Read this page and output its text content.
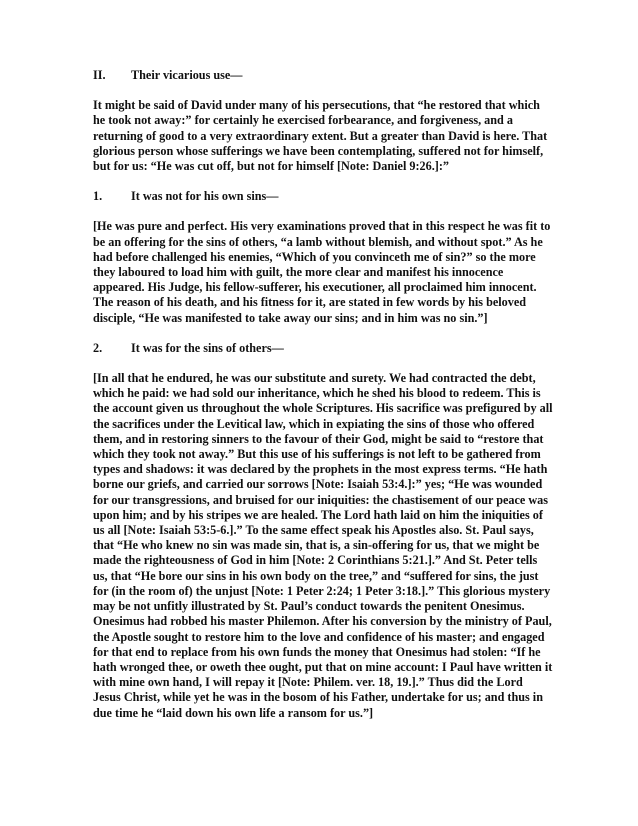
II.	Their vicarious use—

It might be said of David under many of his persecutions, that “he restored that which he took not away:” for certainly he exercised forbearance, and forgiveness, and a returning of good to a very extraordinary extent. But a greater than David is here. That glorious person whose sufferings we have been contemplating, suffered not for himself, but for us: “He was cut off, but not for himself [Note: Daniel 9:26.]:”

1.	It was not for his own sins—

[He was pure and perfect. His very examinations proved that in this respect he was fit to be an offering for the sins of others, “a lamb without blemish, and without spot.” As he had before challenged his enemies, “Which of you convinceth me of sin?” so the more they laboured to load him with guilt, the more clear and manifest his innocence appeared. His Judge, his fellow-sufferer, his executioner, all proclaimed him innocent. The reason of his death, and his fitness for it, are stated in few words by his beloved disciple, “He was manifested to take away our sins; and in him was no sin.”]

2.	It was for the sins of others—

[In all that he endured, he was our substitute and surety. We had contracted the debt, which he paid: we had sold our inheritance, which he shed his blood to redeem. This is the account given us throughout the whole Scriptures. His sacrifice was prefigured by all the sacrifices under the Levitical law, which in expiating the sins of those who offered them, and in restoring sinners to the favour of their God, might be said to “restore that which they took not away.” But this use of his sufferings is not left to be gathered from types and shadows: it was declared by the prophets in the most express terms. “He hath borne our griefs, and carried our sorrows [Note: Isaiah 53:4.]:” yes; “He was wounded for our transgressions, and bruised for our iniquities: the chastisement of our peace was upon him; and by his stripes we are healed. The Lord hath laid on him the iniquities of us all [Note: Isaiah 53:5-6.].” To the same effect speak his Apostles also. St. Paul says, that “He who knew no sin was made sin, that is, a sin-offering for us, that we might be made the righteousness of God in him [Note: 2 Corinthians 5:21.].” And St. Peter tells us, that “He bore our sins in his own body on the tree,” and “suffered for sins, the just for (in the room of) the unjust [Note: 1 Peter 2:24; 1 Peter 3:18.].” This glorious mystery may be not unfitly illustrated by St. Paul’s conduct towards the penitent Onesimus. Onesimus had robbed his master Philemon. After his conversion by the ministry of Paul, the Apostle sought to restore him to the love and confidence of his master; and engaged for that end to replace from his own funds the money that Onesimus had stolen: “If he hath wronged thee, or oweth thee ought, put that on mine account: I Paul have written it with mine own hand, I will repay it [Note: Philem. ver. 18, 19.].” Thus did the Lord Jesus Christ, while yet he was in the bosom of his Father, undertake for us; and thus in due time he “laid down his own life a ransom for us.”]
